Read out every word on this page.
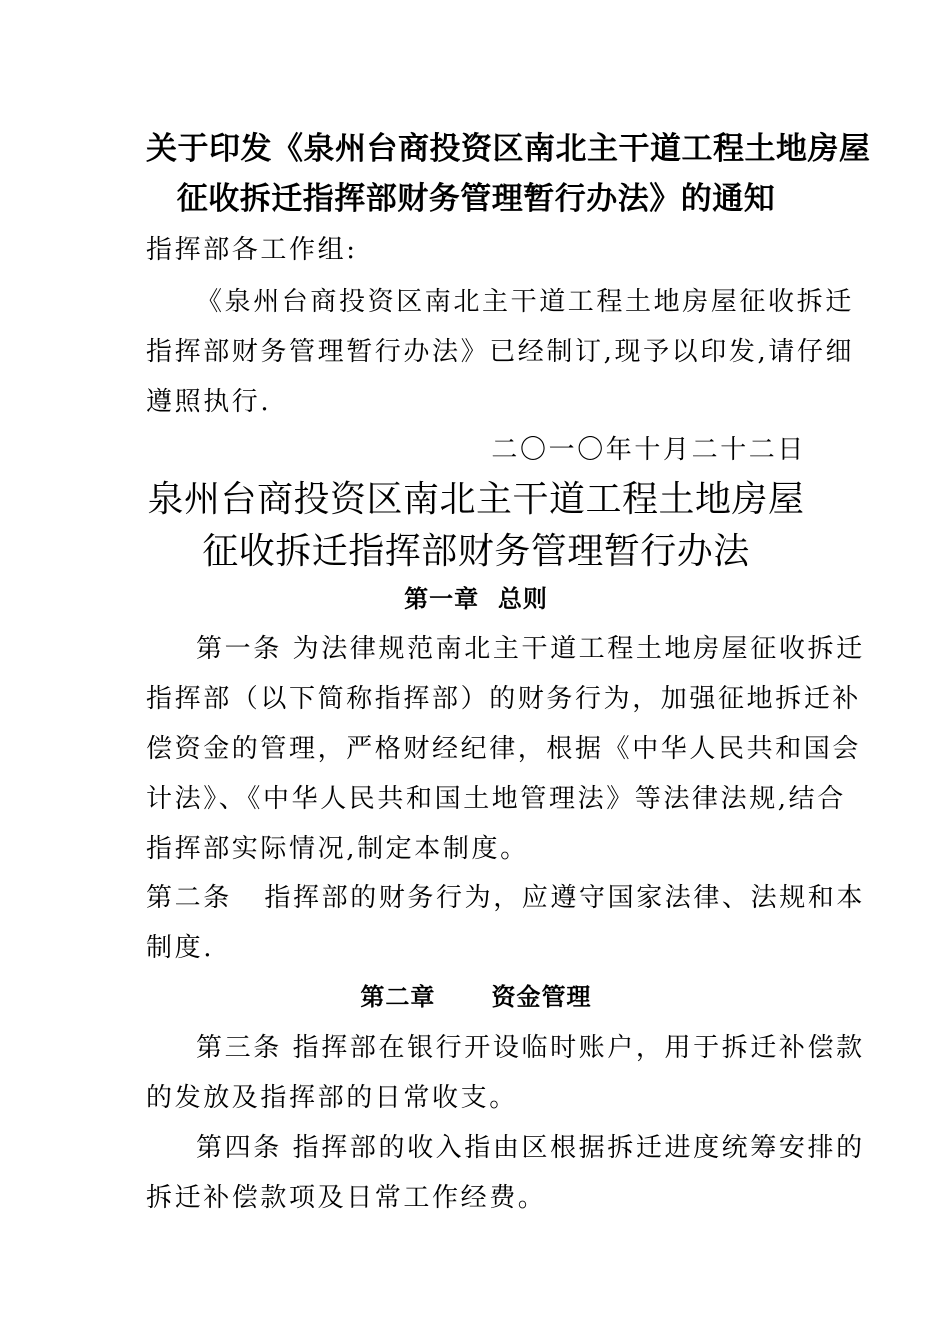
关于印发《泉州台商投资区南北主干道工程土地房屋
征收拆迁指挥部财务管理暂行办法》的通知
指挥部各工作组:
《泉州台商投资区南北主干道工程土地房屋征收拆迁
指挥部财务管理暂行办法》已经制订,现予以印发,请仔细
遵照执行.
二〇一〇年十月二十二日
泉州台商投资区南北主干道工程土地房屋
征收拆迁指挥部财务管理暂行办法
第一章  总则
第一条 为法律规范南北主干道工程土地房屋征收拆迁
指挥部（以下简称指挥部）的财务行为，加强征地拆迁补
偿资金的管理，严格财经纪律，根据《中华人民共和国会
计法》、《中华人民共和国土地管理法》等法律法规,结合
指挥部实际情况,制定本制度。
第二条   指挥部的财务行为，应遵守国家法律、法规和本
制度.
第二章      资金管理
第三条 指挥部在银行开设临时账户，用于拆迁补偿款
的发放及指挥部的日常收支。
第四条 指挥部的收入指由区根据拆迁进度统筹安排的
拆迁补偿款项及日常工作经费。
